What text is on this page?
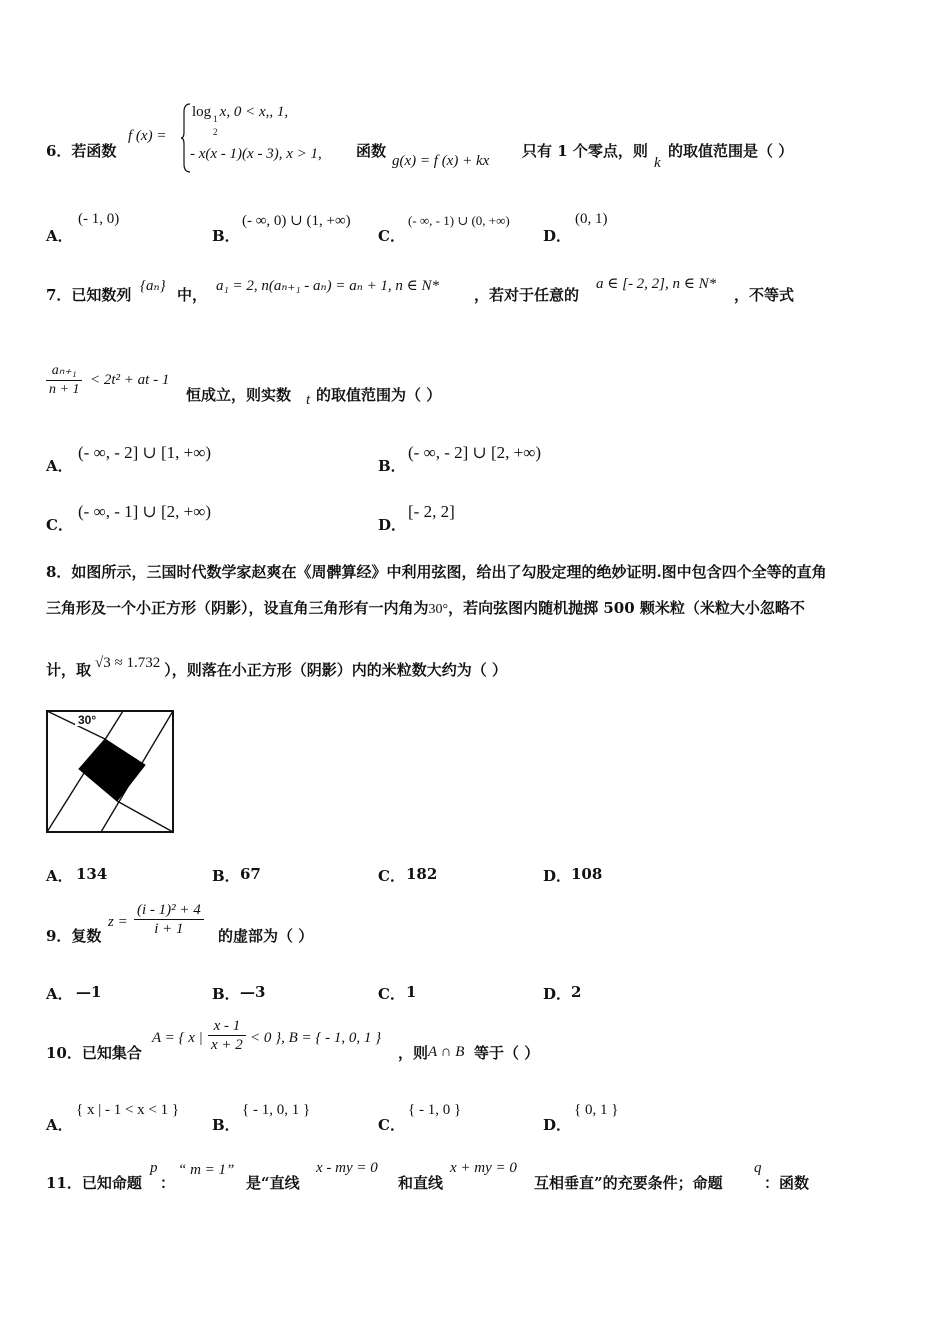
6．若函数
f (x) =
log $_1$ x, 0 < x,, 1,
2
- x(x - 1)(x - 3), x > 1, 函数
g(x) = f (x) + kx
只有 1 个零点，则
k
的取值范围是（ ）
A．
(- 1, 0)
B．
(- ∞, 0) ∪ (1, +∞)
C．
(- ∞, - 1) ∪ (0, +∞)
D．
(0, 1)
7．已知数列 {aₙ} 中， a₁ = 2, n(aₙ₊₁ - aₙ) = aₙ + 1, n ∈ N* ，若对于任意的
a ∈ [- 2, 2], n ∈ N*
，不等式
$\frac{\text{aₙ₊₁}}{n + 1} < 2t^2$ + at - 1
恒成立，则实数 t 的取值范围为（ ）
A．
(- ∞, - 2] ∪ [1, +∞)
B．
(- ∞, - 2] ∪ [2, +∞)
C．
(- ∞, - 1] ∪ [2, +∞)
D．
[- 2, 2]
8．如图所示，三国时代数学家赵爽在《周髀算经》中利用弦图，给出了勾股定理的绝妙证明.图中包含四个全等的直角
三角形及一个小正方形（阴影），设直角三角形有一内角为30°，若向弦图内随机抛掷 500 颗米粒（米粒大小忽略不
计，取 √3 ≈ 1.732 ），则落在小正方形（阴影）内的米粒数大约为（ ）
30°
A． 134	B． 67	C． 182	D． 108
9．复数
$z = \frac{\text{(i - 1)² + 4}}{i + 1}$ 的虚部为（ ）
A． —1	B． —3	C． 1	D． 2
10．已知集合
A = { x | $\frac{x - 1}{x + 2} < 0$ }, B = { - 1, 0, 1 }
，则 A ∩ B 等于（ ）
A．
{ x | - 1 < x < 1 }
B．
{ - 1, 0, 1 }
C．
{ - 1, 0 }
D．
{ 0, 1 }
11．已知命题
p
：
“ m = 1”
是“直线
x - my = 0
和直线
x + my = 0
互相垂直”的充要条件；命题
q
：函数
